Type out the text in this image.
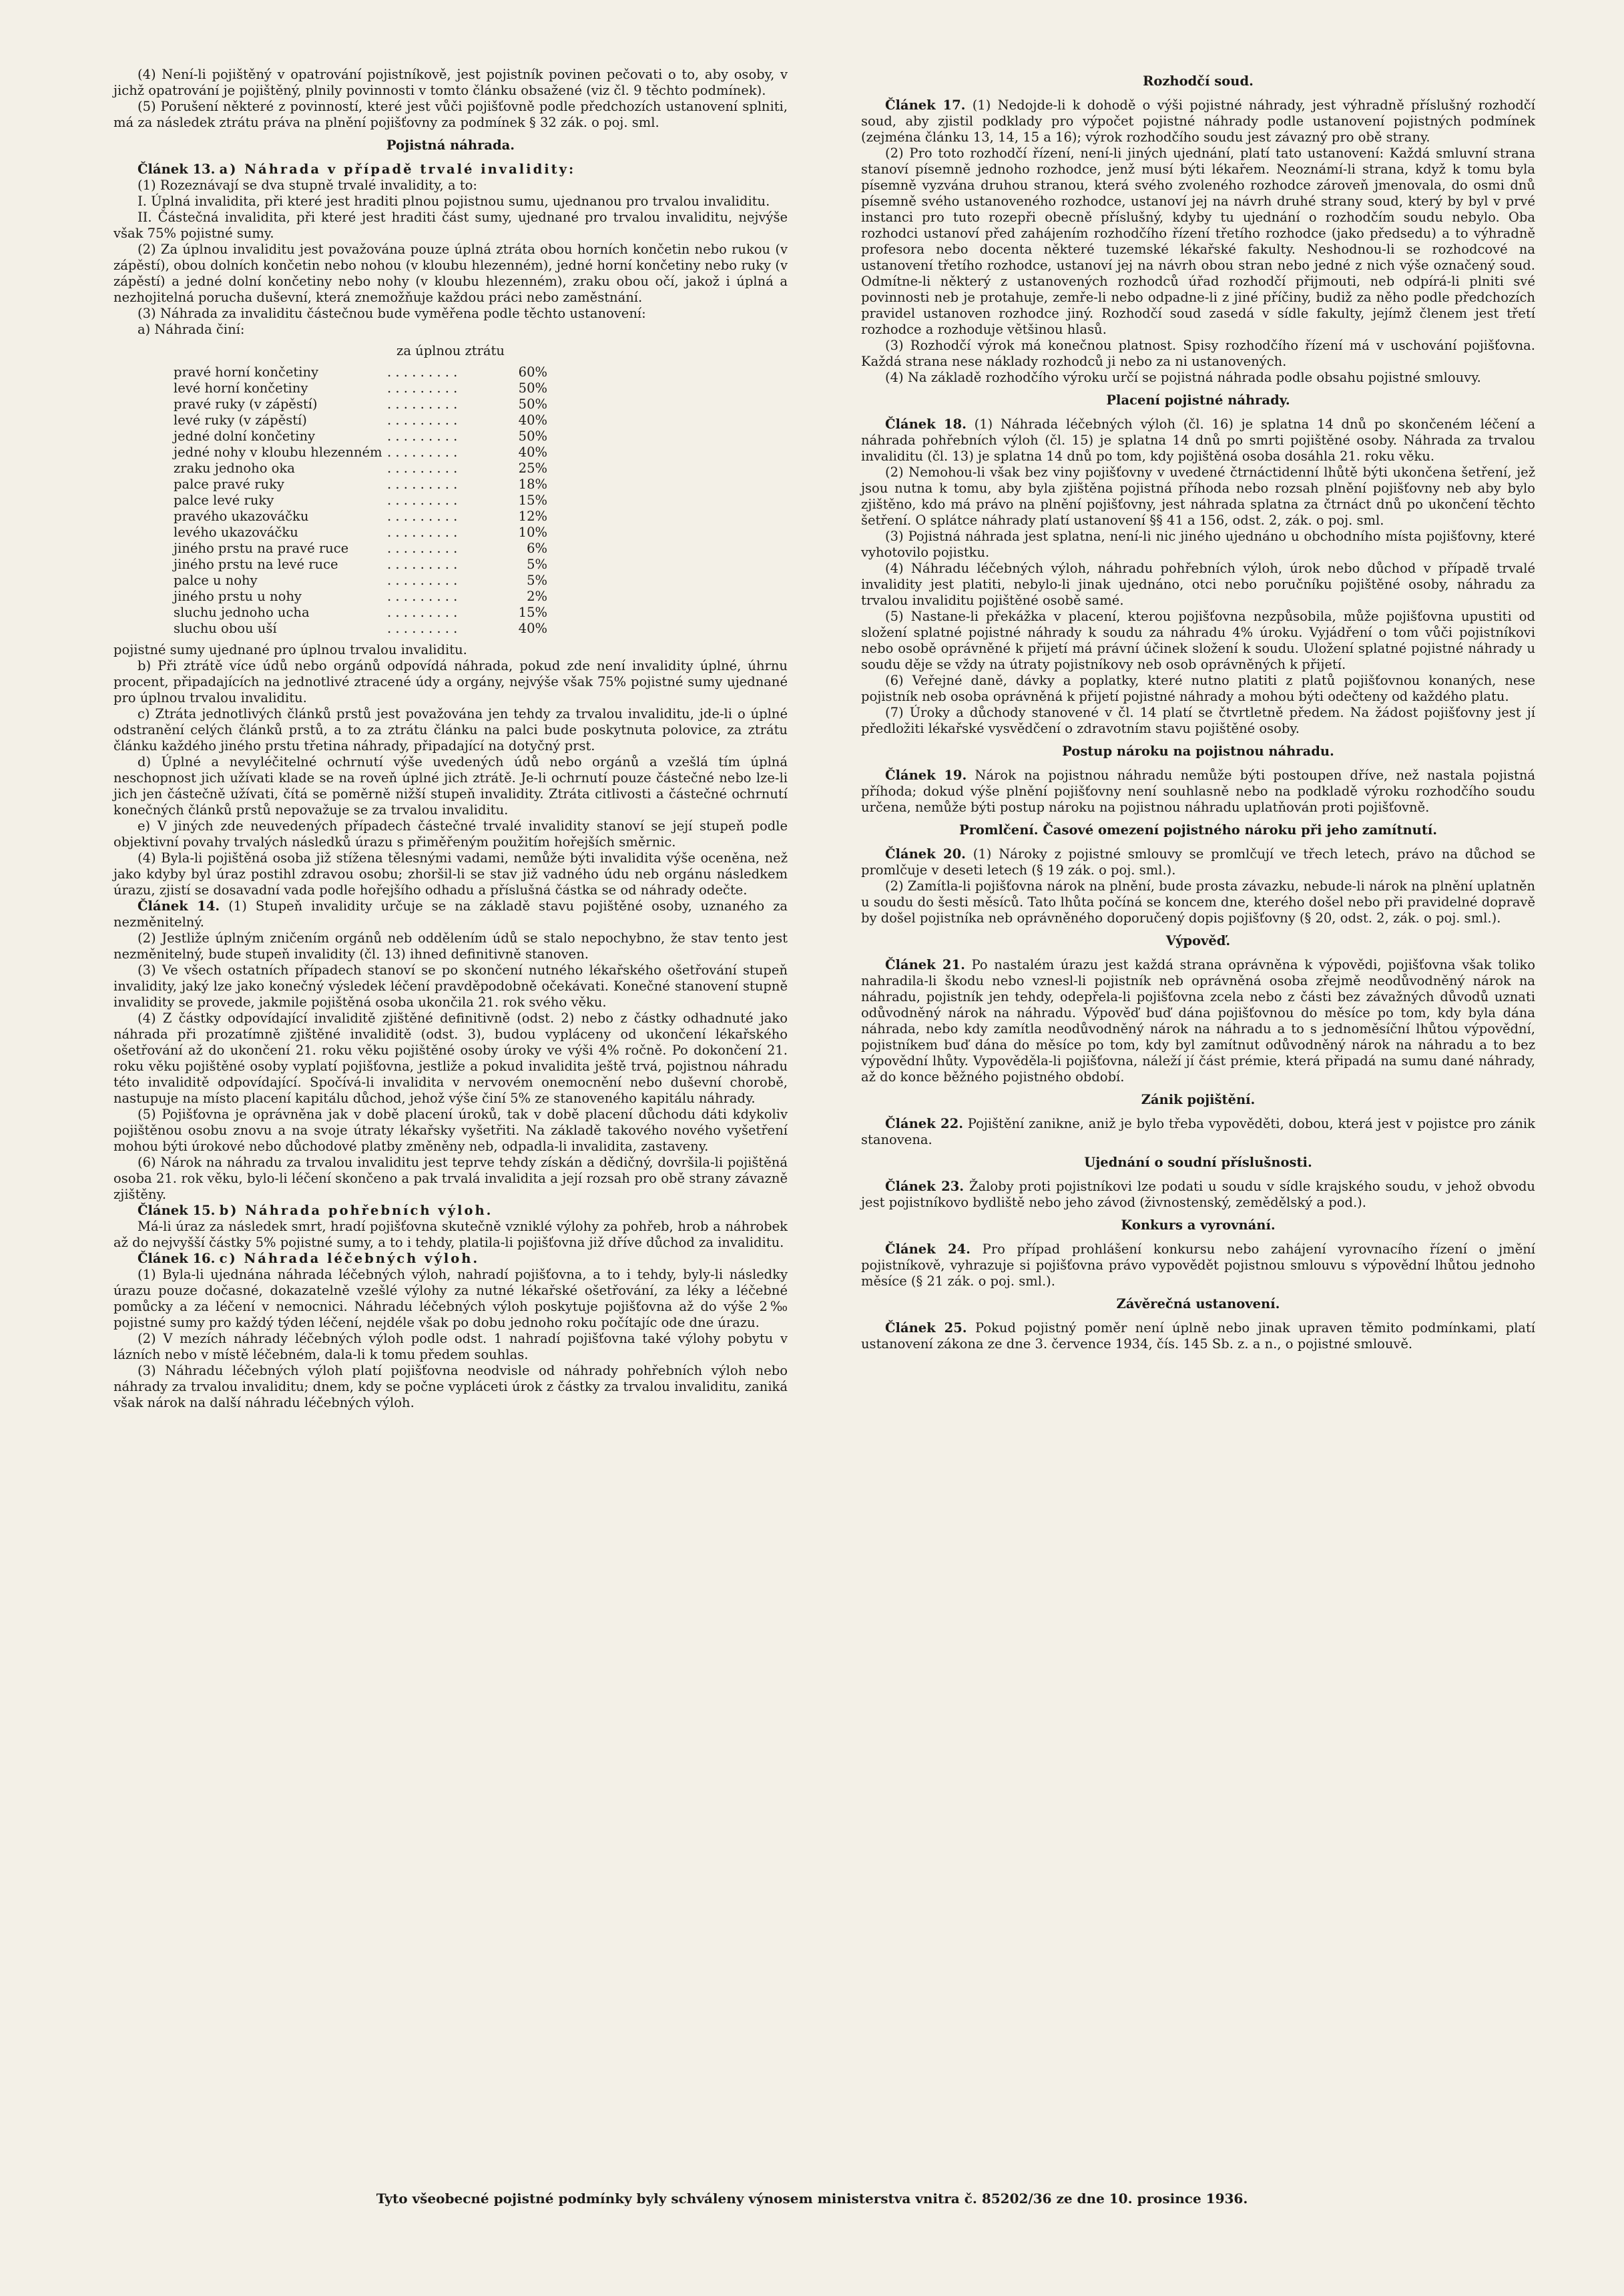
(4) Není-li pojištěný v opatrování pojistníkově, jest pojistník povinen pečovati o to, aby osoby, v jichž opatrování je pojištěný, plnily povinnosti v tomto článku obsažené (viz čl. 9 těchto podmínek).

(5) Porušení některé z povinností, které jest vůči pojišťovně podle předchozích ustanovení splniti, má za následek ztrátu práva na plnění pojišťovny za podmínek § 32 zák. o poj. sml.

Pojistná náhrada.

Článek 13. a) Náhrada v případě trvalé invalidity:

(1) Rozeznávají se dva stupně trvalé invalidity, a to:

I. Úplná invalidita, při které jest hraditi plnou pojistnou sumu, ujednanou pro trvalou invaliditu.

II. Částečná invalidita, při které jest hraditi část sumy, ujednané pro trvalou invaliditu, nejvýše však 75% pojistné sumy.

(2) Za úplnou invaliditu jest považována pouze úplná ztráta obou horních končetin nebo rukou (v zápěstí), obou dolních končetin nebo nohou (v kloubu hlezenném), jedné horní končetiny nebo ruky (v zápěstí) a jedné dolní končetiny nebo nohy (v kloubu hlezenném), zraku obou očí, jakož i úplná a nezhojitelná porucha duševní, která znemožňuje každou práci nebo zaměstnání.

(3) Náhrada za invaliditu částečnou bude vyměřena podle těchto ustanovení:

a) Náhrada činí:

za úplnou ztrátu

pravé horní končetiny	. . . . . . . . .	60%
levé horní končetiny	. . . . . . . . .	50%
pravé ruky (v zápěstí)	. . . . . . . . .	50%
levé ruky (v zápěstí)	. . . . . . . . .	40%
jedné dolní končetiny	. . . . . . . . .	50%
jedné nohy v kloubu hlezenném	. . . . . . . . .	40%
zraku jednoho oka	. . . . . . . . .	25%
palce pravé ruky	. . . . . . . . .	18%
palce levé ruky	. . . . . . . . .	15%
pravého ukazováčku	. . . . . . . . .	12%
levého ukazováčku	. . . . . . . . .	10%
jiného prstu na pravé ruce	. . . . . . . . .	6%
jiného prstu na levé ruce	. . . . . . . . .	5%
palce u nohy	. . . . . . . . .	5%
jiného prstu u nohy	. . . . . . . . .	2%
sluchu jednoho ucha	. . . . . . . . .	15%
sluchu obou uší	. . . . . . . . .	40%

pojistné sumy ujednané pro úplnou trvalou invaliditu.

b) Při ztrátě více údů nebo orgánů odpovídá náhrada, pokud zde není invalidity úplné, úhrnu procent, připadajících na jednotlivé ztracené údy a orgány, nejvýše však 75% pojistné sumy ujednané pro úplnou trvalou invaliditu.

c) Ztráta jednotlivých článků prstů jest považována jen tehdy za trvalou invaliditu, jde-li o úplné odstranění celých článků prstů, a to za ztrátu článku na palci bude poskytnuta polovice, za ztrátu článku každého jiného prstu třetina náhrady, připadající na dotyčný prst.

d) Úplné a nevyléčitelné ochrnutí výše uvedených údů nebo orgánů a vzešlá tím úplná neschopnost jich užívati klade se na roveň úplné jich ztrátě. Je-li ochrnutí pouze částečné nebo lze-li jich jen částečně užívati, čítá se poměrně nižší stupeň invalidity. Ztráta citlivosti a částečné ochrnutí konečných článků prstů nepovažuje se za trvalou invaliditu.

e) V jiných zde neuvedených případech částečné trvalé invalidity stanoví se její stupeň podle objektivní povahy trvalých následků úrazu s přiměřeným použitím hořejších směrnic.

(4) Byla-li pojištěná osoba již stížena tělesnými vadami, nemůže býti invalidita výše oceněna, než jako kdyby byl úraz postihl zdravou osobu; zhoršil-li se stav již vadného údu neb orgánu následkem úrazu, zjistí se dosavadní vada podle hořejšího odhadu a příslušná částka se od náhrady odečte.

Článek 14. (1) Stupeň invalidity určuje se na základě stavu pojištěné osoby, uznaného za nezměnitelný.

(2) Jestliže úplným zničením orgánů neb oddělením údů se stalo nepochybno, že stav tento jest nezměnitelný, bude stupeň invalidity (čl. 13) ihned definitivně stanoven.

(3) Ve všech ostatních případech stanoví se po skončení nutného lékařského ošetřování stupeň invalidity, jaký lze jako konečný výsledek léčení pravděpodobně očekávati. Konečné stanovení stupně invalidity se provede, jakmile pojištěná osoba ukončila 21. rok svého věku.

(4) Z částky odpovídající invaliditě zjištěné definitivně (odst. 2) nebo z částky odhadnuté jako náhrada při prozatímně zjištěné invaliditě (odst. 3), budou vypláceny od ukončení lékařského ošetřování až do ukončení 21. roku věku pojištěné osoby úroky ve výši 4% ročně. Po dokončení 21. roku věku pojištěné osoby vyplatí pojišťovna, jestliže a pokud invalidita ještě trvá, pojistnou náhradu této invaliditě odpovídající. Spočívá-li invalidita v nervovém onemocnění nebo duševní chorobě, nastupuje na místo placení kapitálu důchod, jehož výše činí 5% ze stanoveného kapitálu náhrady.

(5) Pojišťovna je oprávněna jak v době placení úroků, tak v době placení důchodu dáti kdykoliv pojištěnou osobu znovu a na svoje útraty lékařsky vyšetřiti. Na základě takového nového vyšetření mohou býti úrokové nebo důchodové platby změněny neb, odpadla-li invalidita, zastaveny.

(6) Nárok na náhradu za trvalou invaliditu jest teprve tehdy získán a dědičný, dovršila-li pojištěná osoba 21. rok věku, bylo-li léčení skončeno a pak trvalá invalidita a její rozsah pro obě strany závazně zjištěny.

Článek 15. b) Náhrada pohřebních výloh.

Má-li úraz za následek smrt, hradí pojišťovna skutečně vzniklé výlohy za pohřeb, hrob a náhrobek až do nejvyšší částky 5% pojistné sumy, a to i tehdy, platila-li pojišťovna již dříve důchod za invaliditu.

Článek 16. c) Náhrada léčebných výloh.

(1) Byla-li ujednána náhrada léčebných výloh, nahradí pojišťovna, a to i tehdy, byly-li následky úrazu pouze dočasné, dokazatelně vzešlé výlohy za nutné lékařské ošetřování, za léky a léčebné pomůcky a za léčení v nemocnici. Náhradu léčebných výloh poskytuje pojišťovna až do výše 2‰ pojistné sumy pro každý týden léčení, nejdéle však po dobu jednoho roku počítajíc ode dne úrazu.

(2) V mezích náhrady léčebných výloh podle odst. 1 nahradí pojišťovna také výlohy pobytu v lázních nebo v místě léčebném, dala-li k tomu předem souhlas.

(3) Náhradu léčebných výloh platí pojišťovna neodvisle od náhrady pohřebních výloh nebo náhrady za trvalou invaliditu; dnem, kdy se počne vypláceti úrok z částky za trvalou invaliditu, zaniká však nárok na další náhradu léčebných výloh.

Rozhodčí soud.

Článek 17. (1) Nedojde-li k dohodě o výši pojistné náhrady, jest výhradně příslušný rozhodčí soud, aby zjistil podklady pro výpočet pojistné náhrady podle ustanovení pojistných podmínek (zejména článku 13, 14, 15 a 16); výrok rozhodčího soudu jest závazný pro obě strany.

(2) Pro toto rozhodčí řízení, není-li jiných ujednání, platí tato ustanovení: Každá smluvní strana stanoví písemně jednoho rozhodce, jenž musí býti lékařem. Neoznámí-li strana, když k tomu byla písemně vyzvána druhou stranou, která svého zvoleného rozhodce zároveň jmenovala, do osmi dnů písemně svého ustanoveného rozhodce, ustanoví jej na návrh druhé strany soud, který by byl v prvé instanci pro tuto rozepři obecně příslušný, kdyby tu ujednání o rozhodčím soudu nebylo. Oba rozhodci ustanoví před zahájením rozhodčího řízení třetího rozhodce (jako předsedu) a to výhradně profesora nebo docenta některé tuzemské lékařské fakulty. Neshodnou-li se rozhodcové na ustanovení třetího rozhodce, ustanoví jej na návrh obou stran nebo jedné z nich výše označený soud. Odmítne-li některý z ustanovených rozhodců úřad rozhodčí přijmouti, neb odpírá-li plniti své povinnosti neb je protahuje, zemře-li nebo odpadne-li z jiné příčiny, budiž za něho podle předchozích pravidel ustanoven rozhodce jiný. Rozhodčí soud zasedá v sídle fakulty, jejímž členem jest třetí rozhodce a rozhoduje většinou hlasů.

(3) Rozhodčí výrok má konečnou platnost. Spisy rozhodčího řízení má v uschování pojišťovna. Každá strana nese náklady rozhodců ji nebo za ni ustanovených.

(4) Na základě rozhodčího výroku určí se pojistná náhrada podle obsahu pojistné smlouvy.

Placení pojistné náhrady.

Článek 18. (1) Náhrada léčebných výloh (čl. 16) je splatna 14 dnů po skončeném léčení a náhrada pohřebních výloh (čl. 15) je splatna 14 dnů po smrti pojištěné osoby. Náhrada za trvalou invaliditu (čl. 13) je splatna 14 dnů po tom, kdy pojištěná osoba dosáhla 21. roku věku.

(2) Nemohou-li však bez viny pojišťovny v uvedené čtrnáctidenní lhůtě býti ukončena šetření, jež jsou nutna k tomu, aby byla zjištěna pojistná příhoda nebo rozsah plnění pojišťovny neb aby bylo zjištěno, kdo má právo na plnění pojišťovny, jest náhrada splatna za čtrnáct dnů po ukončení těchto šetření. O splátce náhrady platí ustanovení §§ 41 a 156, odst. 2, zák. o poj. sml.

(3) Pojistná náhrada jest splatna, není-li nic jiného ujednáno u obchodního místa pojišťovny, které vyhotovilo pojistku.

(4) Náhradu léčebných výloh, náhradu pohřebních výloh, úrok nebo důchod v případě trvalé invalidity jest platiti, nebylo-li jinak ujednáno, otci nebo poručníku pojištěné osoby, náhradu za trvalou invaliditu pojištěné osobě samé.

(5) Nastane-li překážka v placení, kterou pojišťovna nezpůsobila, může pojišťovna upustiti od složení splatné pojistné náhrady k soudu za náhradu 4% úroku. Vyjádření o tom vůči pojistníkovi nebo osobě oprávněné k přijetí má právní účinek složení k soudu. Uložení splatné pojistné náhrady u soudu děje se vždy na útraty pojistníkovy neb osob oprávněných k přijetí.

(6) Veřejné daně, dávky a poplatky, které nutno platiti z platů pojišťovnou konaných, nese pojistník neb osoba oprávněná k přijetí pojistné náhrady a mohou býti odečteny od každého platu.

(7) Úroky a důchody stanovené v čl. 14 platí se čtvrtletně předem. Na žádost pojišťovny jest jí předložiti lékařské vysvědčení o zdravotním stavu pojištěné osoby.

Postup nároku na pojistnou náhradu.

Článek 19. Nárok na pojistnou náhradu nemůže býti postoupen dříve, než nastala pojistná příhoda; dokud výše plnění pojišťovny není souhlasně nebo na podkladě výroku rozhodčího soudu určena, nemůže býti postup nároku na pojistnou náhradu uplatňován proti pojišťovně.

Promlčení. Časové omezení pojistného nároku při jeho zamítnutí.

Článek 20. (1) Nároky z pojistné smlouvy se promlčují ve třech letech, právo na důchod se promlčuje v deseti letech (§ 19 zák. o poj. sml.).

(2) Zamítla-li pojišťovna nárok na plnění, bude prosta závazku, nebude-li nárok na plnění uplatněn u soudu do šesti měsíců. Tato lhůta počíná se koncem dne, kterého došel nebo při pravidelné dopravě by došel pojistníka neb oprávněného doporučený dopis pojišťovny (§ 20, odst. 2, zák. o poj. sml.).

Výpověď.

Článek 21. Po nastalém úrazu jest každá strana oprávněna k výpovědi, pojišťovna však toliko nahradila-li škodu nebo vznesl-li pojistník neb oprávněná osoba zřejmě neodůvodněný nárok na náhradu, pojistník jen tehdy, odepřela-li pojišťovna zcela nebo z části bez závažných důvodů uznati odůvodněný nárok na náhradu. Výpověď buď dána pojišťovnou do měsíce po tom, kdy byla dána náhrada, nebo kdy zamítla neodůvodněný nárok na náhradu a to s jednoměsíční lhůtou výpovědní, pojistníkem buď dána do měsíce po tom, kdy byl zamítnut odůvodněný nárok na náhradu a to bez výpovědní lhůty. Vypověděla-li pojišťovna, náleží jí část prémie, která připadá na sumu dané náhrady, až do konce běžného pojistného období.

Zánik pojištění.

Článek 22. Pojištění zanikne, aniž je bylo třeba vypověděti, dobou, která jest v pojistce pro zánik stanovena.

Ujednání o soudní příslušnosti.

Článek 23. Žaloby proti pojistníkovi lze podati u soudu v sídle krajského soudu, v jehož obvodu jest pojistníkovo bydliště nebo jeho závod (živnostenský, zemědělský a pod.).

Konkurs a vyrovnání.

Článek 24. Pro případ prohlášení konkursu nebo zahájení vyrovnacího řízení o jmění pojistníkově, vyhrazuje si pojišťovna právo vypovědět pojistnou smlouvu s výpovědní lhůtou jednoho měsíce (§ 21 zák. o poj. sml.).

Závěrečná ustanovení.

Článek 25. Pokud pojistný poměr není úplně nebo jinak upraven těmito podmínkami, platí ustanovení zákona ze dne 3. července 1934, čís. 145 Sb. z. a n., o pojistné smlouvě.

Tyto všeobecné pojistné podmínky byly schváleny výnosem ministerstva vnitra č. 85202/36 ze dne 10. prosince 1936.
